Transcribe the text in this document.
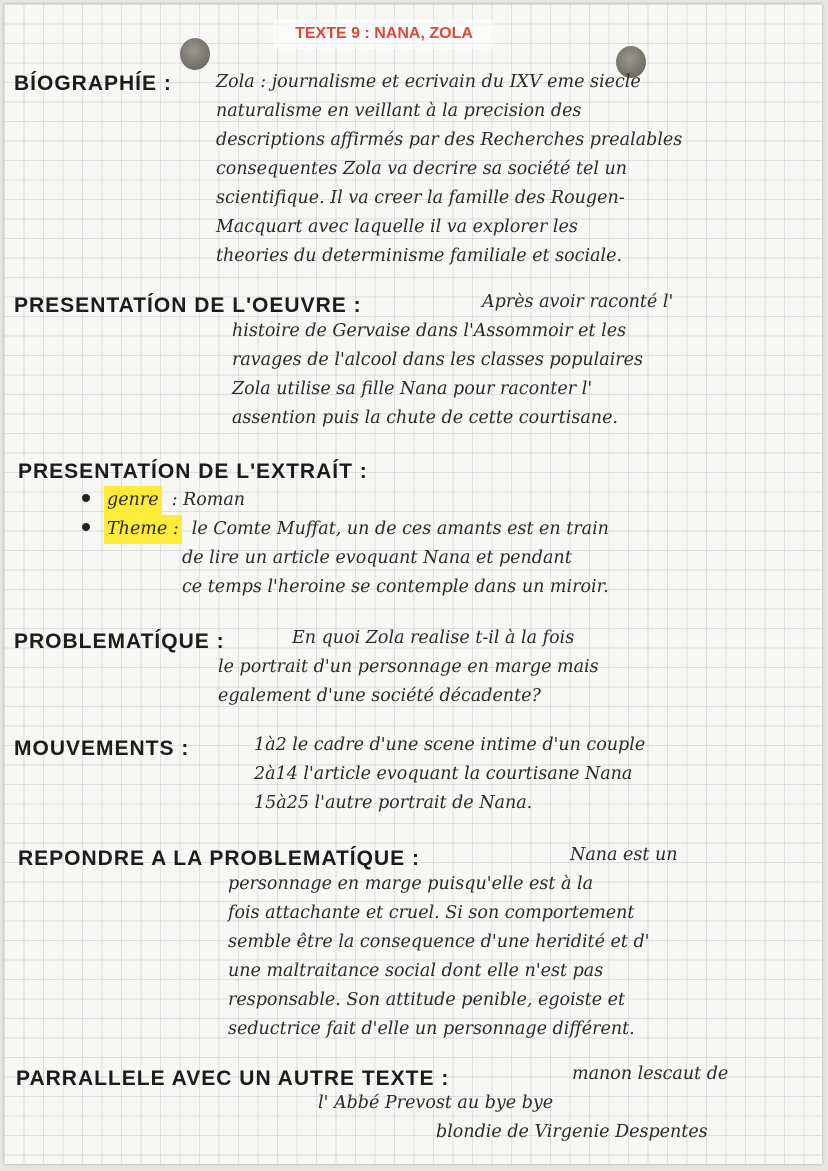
TEXTE 9 : NANA, ZOLA
BÍOGRAPHÍE :	Zola : journalisme et ecrivain du IXV eme siecle
naturalisme en veillant à la precision des
descriptions affirmés par des Recherches prealables
consequentes Zola va decrire sa société tel un
scientifique. Il va creer la famille des Rougen-
Macquart avec laquelle il va explorer les
theories du determinisme familiale et sociale.
PRESENTATÍON DE L'OEUVRE :	Après avoir raconté l'
histoire de Gervaise dans l'Assommoir et les
ravages de l'alcool dans les classes populaires
Zola utilise sa fille Nana pour raconter l'
assention puis la chute de cette courtisane.
PRESENTATÍON DE L'EXTRAÍT :
genre : Roman
Theme : le Comte Muffat, un de ces amants est en train
de lire un article evoquant Nana et pendant
ce temps l'heroine se contemple dans un miroir.
PROBLEMATÍQUE :	En quoi Zola realise t-il à la fois
le portrait d'un personnage en marge mais
egalement d'une société décadente?
MOUVEMENTS :	1à2 le cadre d'une scene intime d'un couple
2à14 l'article evoquant la courtisane Nana
15à25 l'autre portrait de Nana.
REPONDRE A LA PROBLEMATÍQUE :	Nana est un
personnage en marge puisqu'elle est à la
fois attachante et cruel. Si son comportement
semble être la consequence d'une heridité et d'
une maltraitance social dont elle n'est pas
responsable. Son attitude penible, egoiste et
seductrice fait d'elle un personnage différent.
PARRALLELE AVEC UN AUTRE TEXTE :	manon lescaut de
l' Abbé Prevost au bye bye
blondie de Virgenie Despentes
